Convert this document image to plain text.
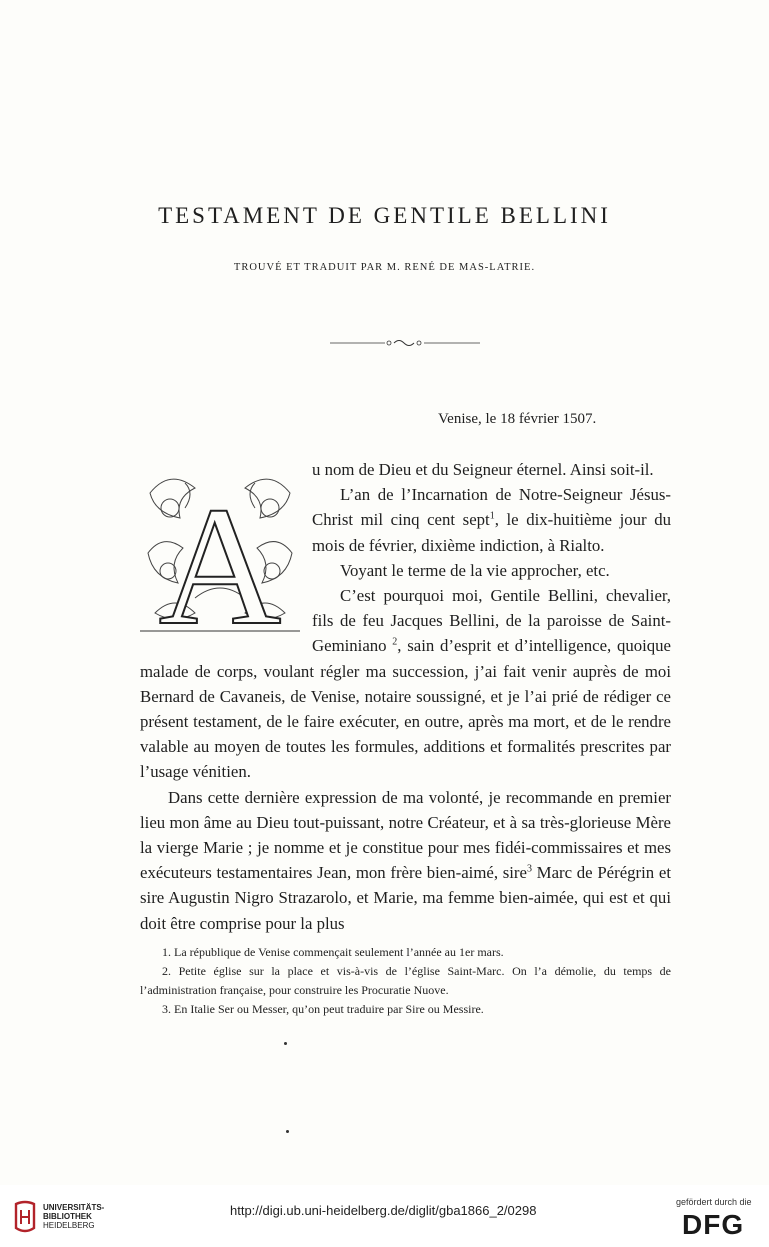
TESTAMENT DE GENTILE BELLINI
TROUVÉ ET TRADUIT PAR M. RENÉ DE MAS-LATRIE.
Venise, le 18 février 1507.
A

u nom de Dieu et du Seigneur éternel. Ainsi soit-il.

L’an de l’Incarnation de Notre-Seigneur Jésus-Christ mil cinq cent sept$^1$, le dix-huitième jour du mois de février, dixième indiction, à Rialto.

Voyant le terme de la vie approcher, etc.

C’est pourquoi moi, Gentile Bellini, chevalier, fils de feu Jacques Bellini, de la paroisse de Saint-Geminiano $^2$, sain d’esprit et d’intelligence, quoique malade de corps, voulant régler ma succession, j’ai fait venir auprès de moi Bernard de Cavaneis, de Venise, notaire soussigné, et je l’ai prié de rédiger ce présent testament, de le faire exécuter, en outre, après ma mort, et de le rendre valable au moyen de toutes les formules, additions et formalités prescrites par l’usage vénitien.

Dans cette dernière expression de ma volonté, je recommande en premier lieu mon âme au Dieu tout-puissant, notre Créateur, et à sa très-glorieuse Mère la vierge Marie ; je nomme et je constitue pour mes fidéi-commissaires et mes exécuteurs testamentaires Jean, mon frère bien-aimé, sire$^3$ Marc de Pérégrin et sire Augustin Nigro Strazarolo, et Marie, ma femme bien-aimée, qui est et qui doit être comprise pour la plus

1. La république de Venise commençait seulement l’année au 1er mars.

2. Petite église sur la place et vis-à-vis de l’église Saint-Marc. On l’a démolie, du temps de l’administration française, pour construire les Procuratie Nuove.

3. En Italie Ser ou Messer, qu’on peut traduire par Sire ou Messire.

UNIVERSITÄTS-
BIBLIOTHEK
HEIDELBERG
http://digi.ub.uni-heidelberg.de/diglit/gba1866_2/0298
gefördert durch die
DFG
